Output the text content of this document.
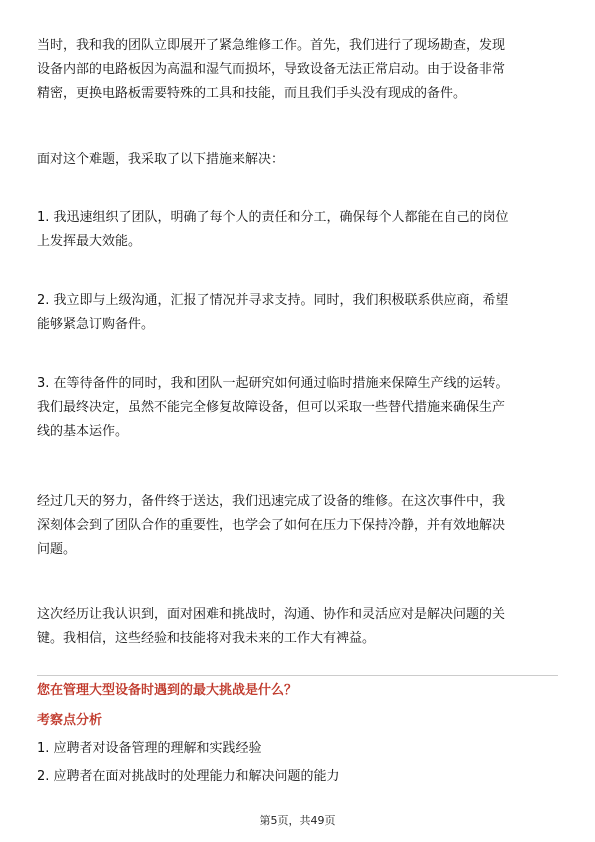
当时，我和我的团队立即展开了紧急维修工作。首先，我们进行了现场勘查，发现
设备内部的电路板因为高温和湿气而损坏，导致设备无法正常启动。由于设备非常
精密，更换电路板需要特殊的工具和技能，而且我们手头没有现成的备件。

面对这个难题，我采取了以下措施来解决：

1. 我迅速组织了团队，明确了每个人的责任和分工，确保每个人都能在自己的岗位
上发挥最大效能。

2. 我立即与上级沟通，汇报了情况并寻求支持。同时，我们积极联系供应商，希望
能够紧急订购备件。

3. 在等待备件的同时，我和团队一起研究如何通过临时措施来保障生产线的运转。
我们最终决定，虽然不能完全修复故障设备，但可以采取一些替代措施来确保生产
线的基本运作。

经过几天的努力，备件终于送达，我们迅速完成了设备的维修。在这次事件中，我
深刻体会到了团队合作的重要性，也学会了如何在压力下保持冷静，并有效地解决
问题。

这次经历让我认识到，面对困难和挑战时，沟通、协作和灵活应对是解决问题的关
键。我相信，这些经验和技能将对我未来的工作大有裨益。

您在管理大型设备时遇到的最大挑战是什么？

考察点分析

1. 应聘者对设备管理的理解和实践经验

2. 应聘者在面对挑战时的处理能力和解决问题的能力

第5页，共49页
